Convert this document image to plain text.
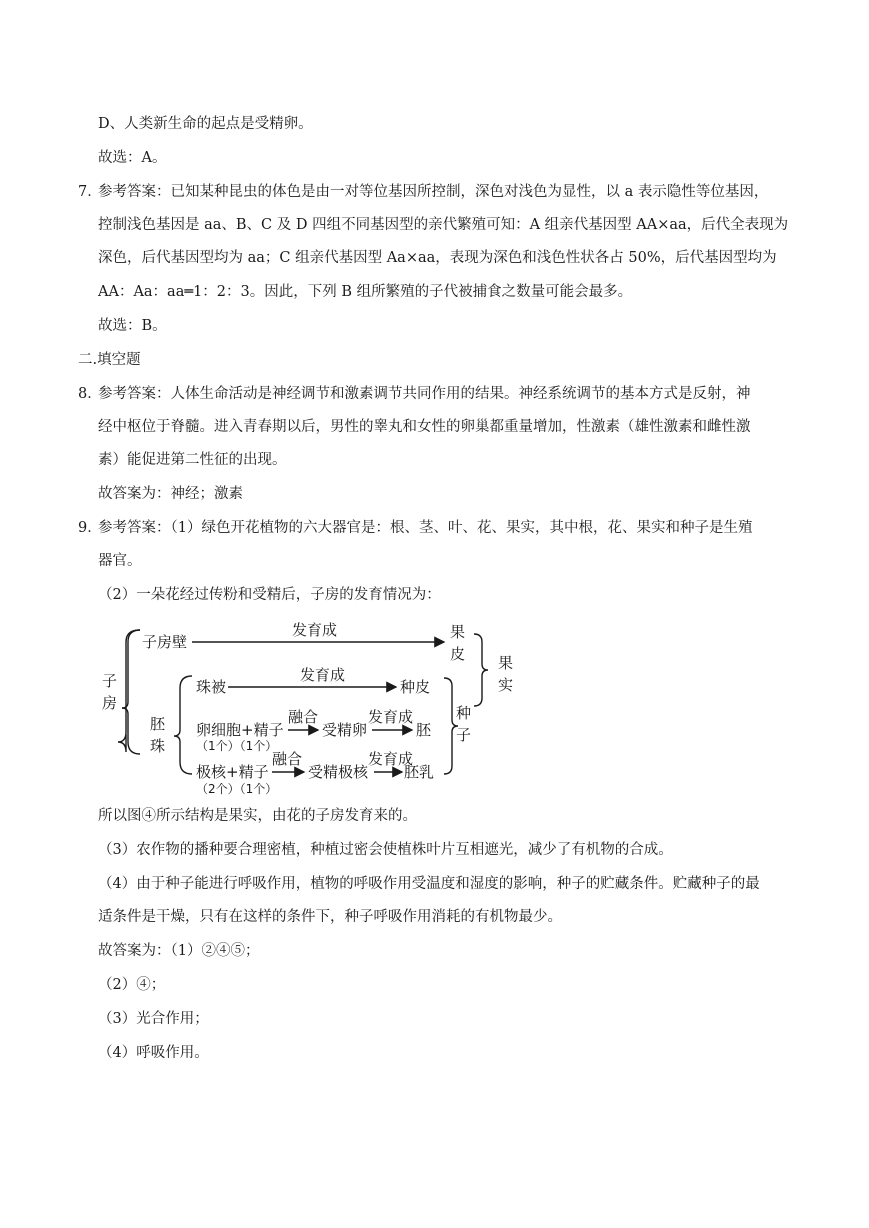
D、人类新生命的起点是受精卵。
故选：A。
7．
参考答案：已知某种昆虫的体色是由一对等位基因所控制，深色对浅色为显性，以 a 表示隐性等位基因，
控制浅色基因是 aa、B、C 及 D 四组不同基因型的亲代繁殖可知：A 组亲代基因型 AA×aa，后代全表现为
深色，后代基因型均为 aa；C 组亲代基因型 Aa×aa，表现为深色和浅色性状各占 50%，后代基因型均为
AA：Aa：aa═1：2：3。因此，下列 B 组所繁殖的子代被捕食之数量可能会最多。
故选：B。
二.填空题
8．
参考答案：人体生命活动是神经调节和激素调节共同作用的结果。神经系统调节的基本方式是反射，神
经中枢位于脊髓。进入青春期以后，男性的睾丸和女性的卵巢都重量增加，性激素（雄性激素和雌性激
素）能促进第二性征的出现。
故答案为：神经；激素
9．
参考答案：（1）绿色开花植物的六大器官是：根、茎、叶、花、果实，其中根，花、果实和种子是生殖
器官。
（2）一朵花经过传粉和受精后，子房的发育情况为：
子
房
子房壁
发育成	果
皮 果
实
胚
珠
珠被
发育成
种皮
种
子
卵细胞+精子
融合
受精卵
发育成
胚
极核+精子
融合
受精极核
发育成
胚乳
（1个）（1个）
（2个）（1个）
所以图④所示结构是果实，由花的子房发育来的。
（3）农作物的播种要合理密植，种植过密会使植株叶片互相遮光，减少了有机物的合成。
（4）由于种子能进行呼吸作用，植物的呼吸作用受温度和湿度的影响，种子的贮藏条件。贮藏种子的最
适条件是干燥，只有在这样的条件下，种子呼吸作用消耗的有机物最少。
故答案为：（1）②④⑤；
（2）④；
（3）光合作用；
（4）呼吸作用。
